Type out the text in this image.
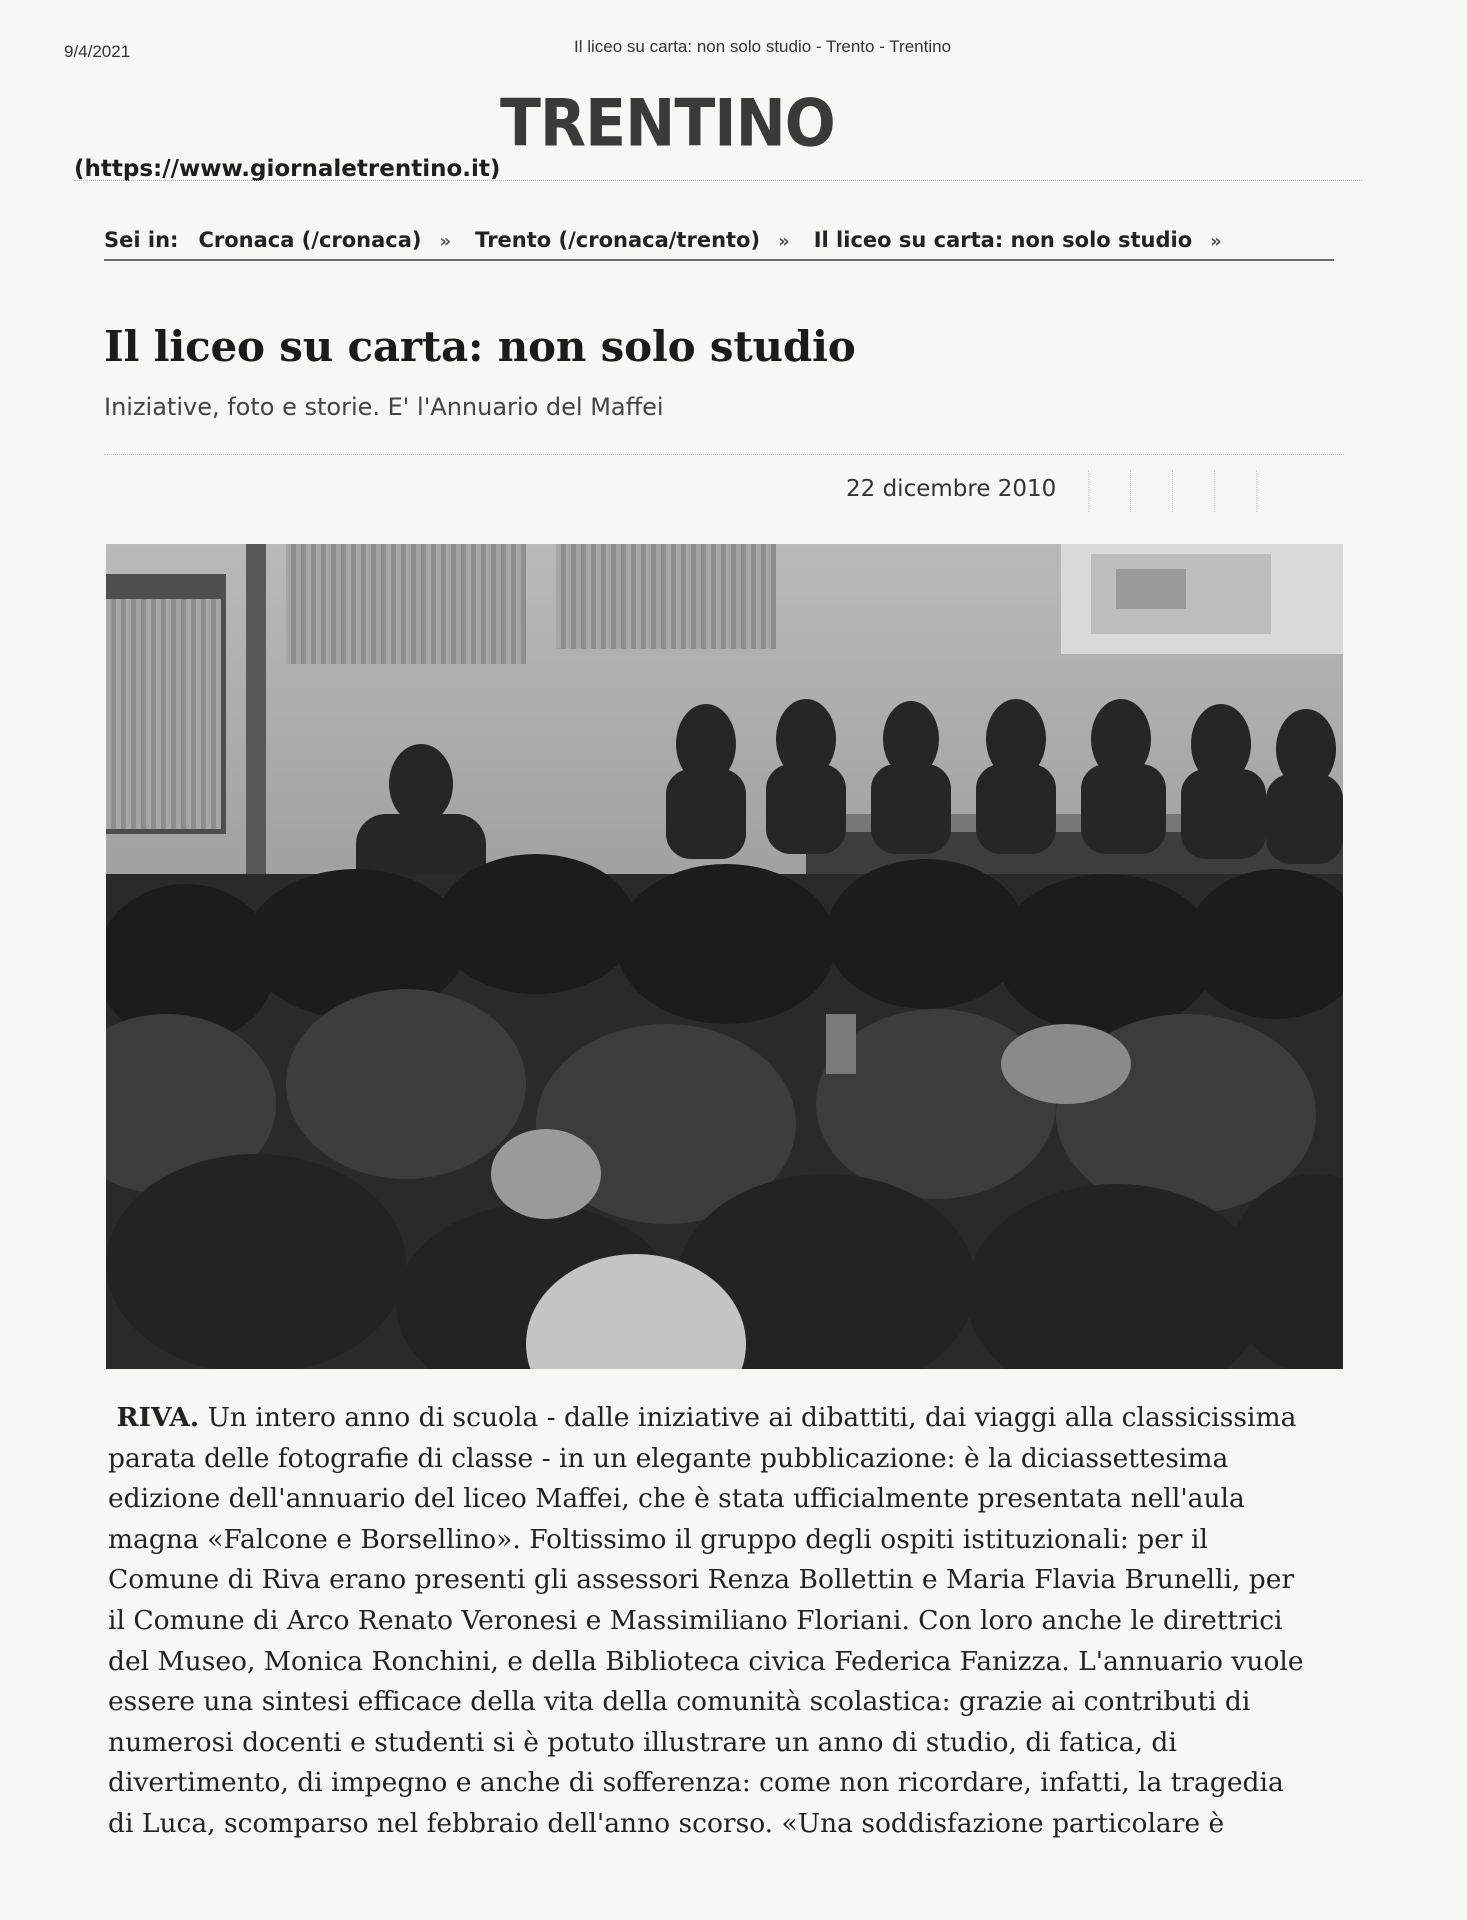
9/4/2021	Il liceo su carta: non solo studio - Trento - Trentino
TRENTINO
(https://www.giornaletrentino.it)
Sei in: Cronaca (/cronaca) » Trento (/cronaca/trento) » Il liceo su carta: non solo studio »
Il liceo su carta: non solo studio
Iniziative, foto e storie. E' l'Annuario del Maffei
22 dicembre 2010
RIVA. Un intero anno di scuola - dalle iniziative ai dibattiti, dai viaggi alla classicissima
parata delle fotografie di classe - in un elegante pubblicazione: è la diciassettesima
edizione dell'annuario del liceo Maffei, che è stata ufficialmente presentata nell'aula
magna «Falcone e Borsellino». Foltissimo il gruppo degli ospiti istituzionali: per il
Comune di Riva erano presenti gli assessori Renza Bollettin e Maria Flavia Brunelli, per
il Comune di Arco Renato Veronesi e Massimiliano Floriani. Con loro anche le direttrici
del Museo, Monica Ronchini, e della Biblioteca civica Federica Fanizza. L'annuario vuole
essere una sintesi efficace della vita della comunità scolastica: grazie ai contributi di
numerosi docenti e studenti si è potuto illustrare un anno di studio, di fatica, di
divertimento, di impegno e anche di sofferenza: come non ricordare, infatti, la tragedia
di Luca, scomparso nel febbraio dell'anno scorso. «Una soddisfazione particolare è
